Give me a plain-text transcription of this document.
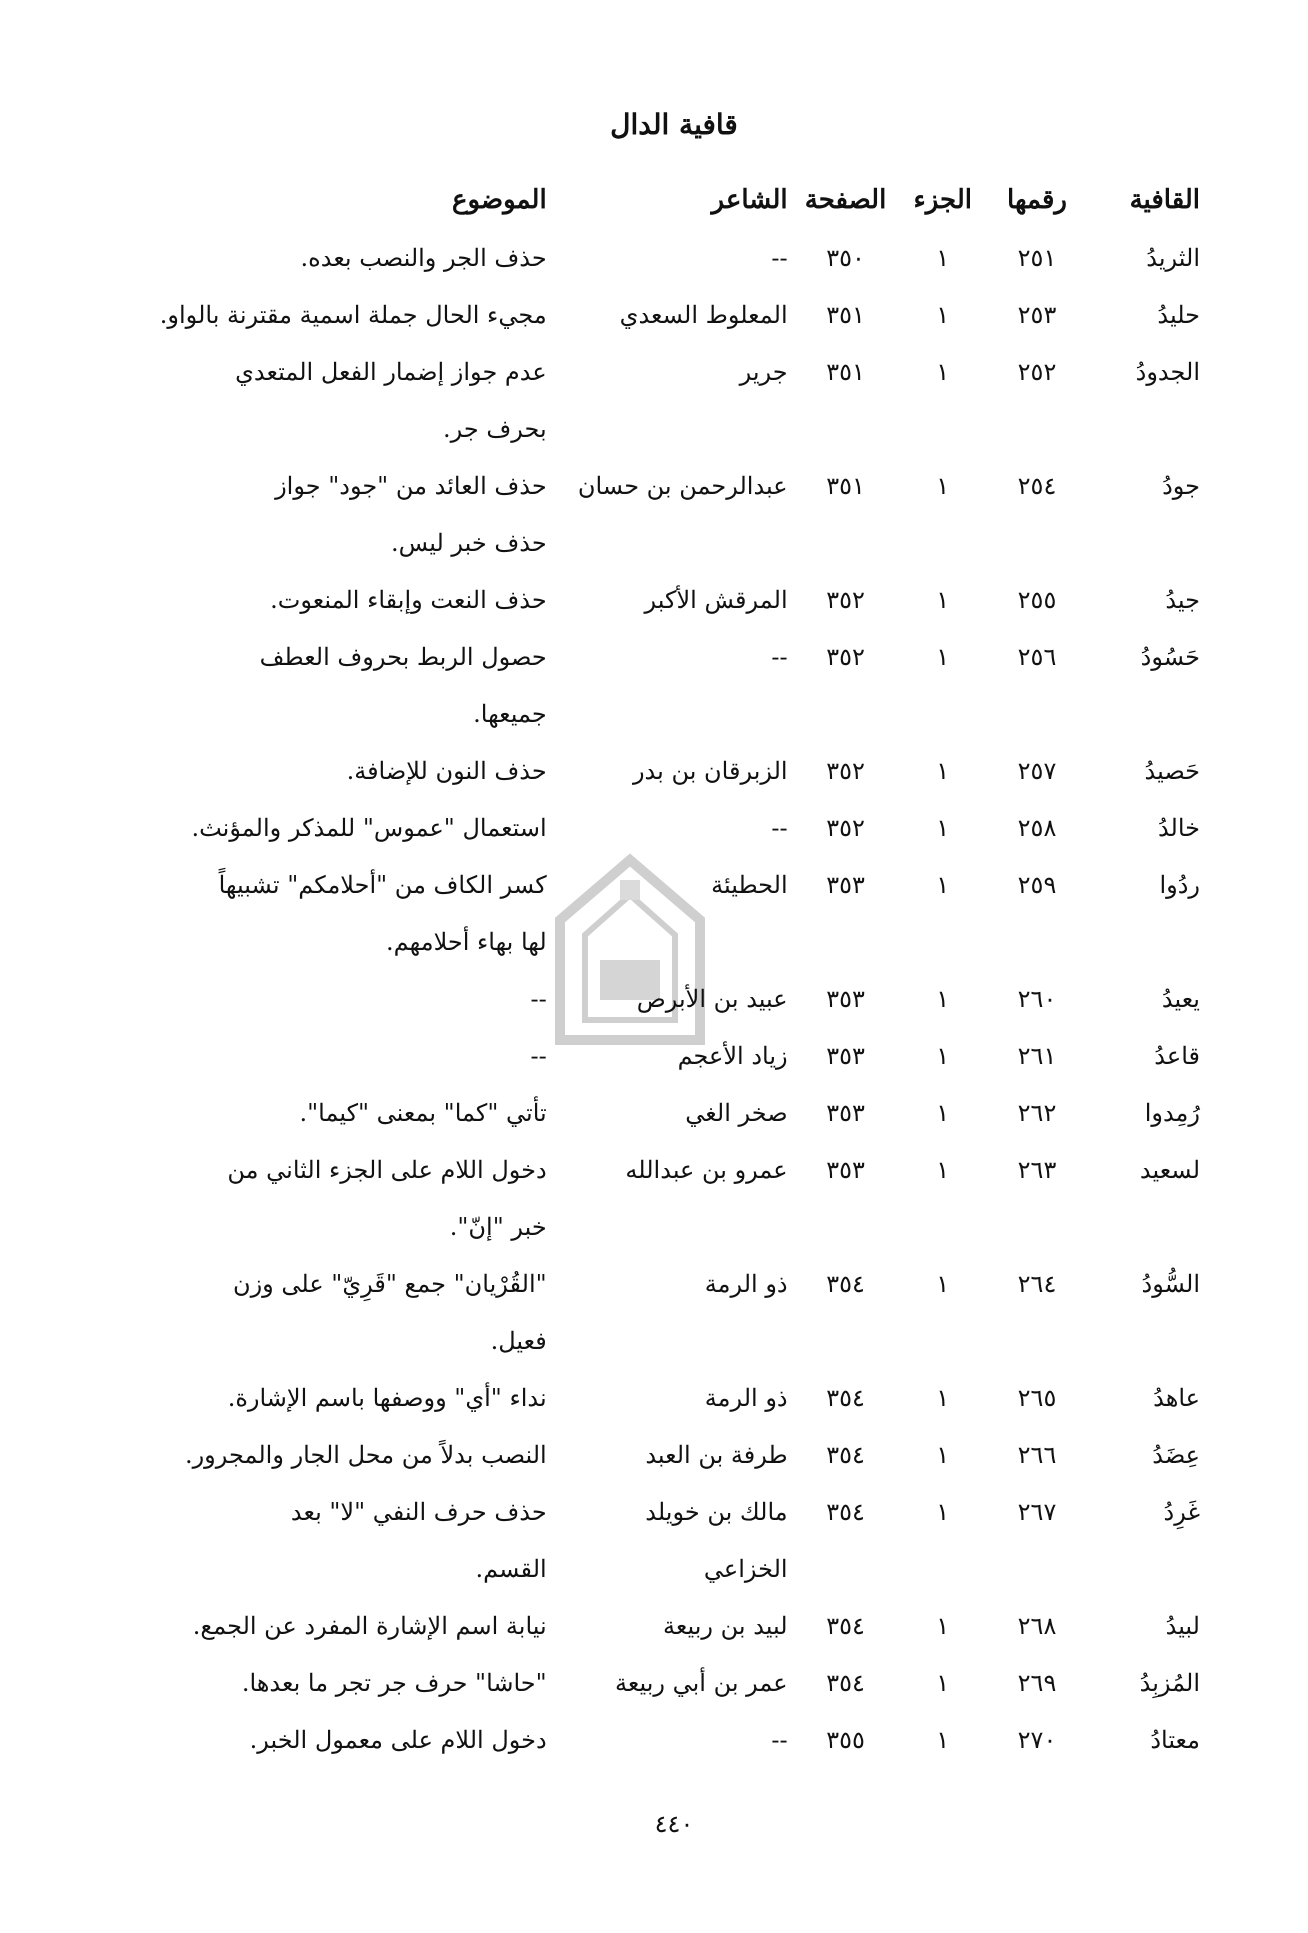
قافية الدال
القافية
رقمها
الجزء
الصفحة
الشاعر
الموضوع
الثريدُ
٢٥١
١
٣٥٠
--
حذف الجر والنصب بعده.
حليدُ
٢٥٣
١
٣٥١
المعلوط السعدي
مجيء الحال جملة اسمية مقترنة بالواو.
الجدودُ
٢٥٢
١
٣٥١
جرير
عدم جواز إضمار الفعل المتعدي
بحرف جر.
جودُ
٢٥٤
١
٣٥١
عبدالرحمن بن حسان
حذف العائد من "جود" جواز
حذف خبر ليس.
جيدُ
٢٥٥
١
٣٥٢
المرقش الأكبر
حذف النعت وإبقاء المنعوت.
حَسُودُ
٢٥٦
١
٣٥٢
--
حصول الربط بحروف العطف
جميعها.
حَصيدُ
٢٥٧
١
٣٥٢
الزبرقان بن بدر
حذف النون للإضافة.
خالدُ
٢٥٨
١
٣٥٢
--
استعمال "عموس" للمذكر والمؤنث.
ردُوا
٢٥٩
١
٣٥٣
الحطيئة
كسر الكاف من "أحلامكم" تشبيهاً
لها بهاء أحلامهم.
يعيدُ
٢٦٠
١
٣٥٣
عبيد بن الأبرص
--
قاعدُ
٢٦١
١
٣٥٣
زياد الأعجم
--
رُمِدوا
٢٦٢
١
٣٥٣
صخر الغي
تأتي "كما" بمعنى "كيما".
لسعيد
٢٦٣
١
٣٥٣
عمرو بن عبدالله
دخول اللام على الجزء الثاني من
خبر "إنّ".
السُّودُ
٢٦٤
١
٣٥٤
ذو الرمة
"القُرْيان" جمع "قَرِيّ" على وزن
فعيل.
عاهدُ
٢٦٥
١
٣٥٤
ذو الرمة
نداء "أي" ووصفها باسم الإشارة.
عِضَدُ
٢٦٦
١
٣٥٤
طرفة بن العبد
النصب بدلاً من محل الجار والمجرور.
غَرِدُ
٢٦٧
١
٣٥٤
مالك بن خويلد
حذف حرف النفي "لا" بعد
الخزاعي
القسم.
لبيدُ
٢٦٨
١
٣٥٤
لبيد بن ربيعة
نيابة اسم الإشارة المفرد عن الجمع.
المُزبِدُ
٢٦٩
١
٣٥٤
عمر بن أبي ربيعة
"حاشا" حرف جر تجر ما بعدها.
معتادُ
٢٧٠
١
٣٥٥
--
دخول اللام على معمول الخبر.
٤٤٠
